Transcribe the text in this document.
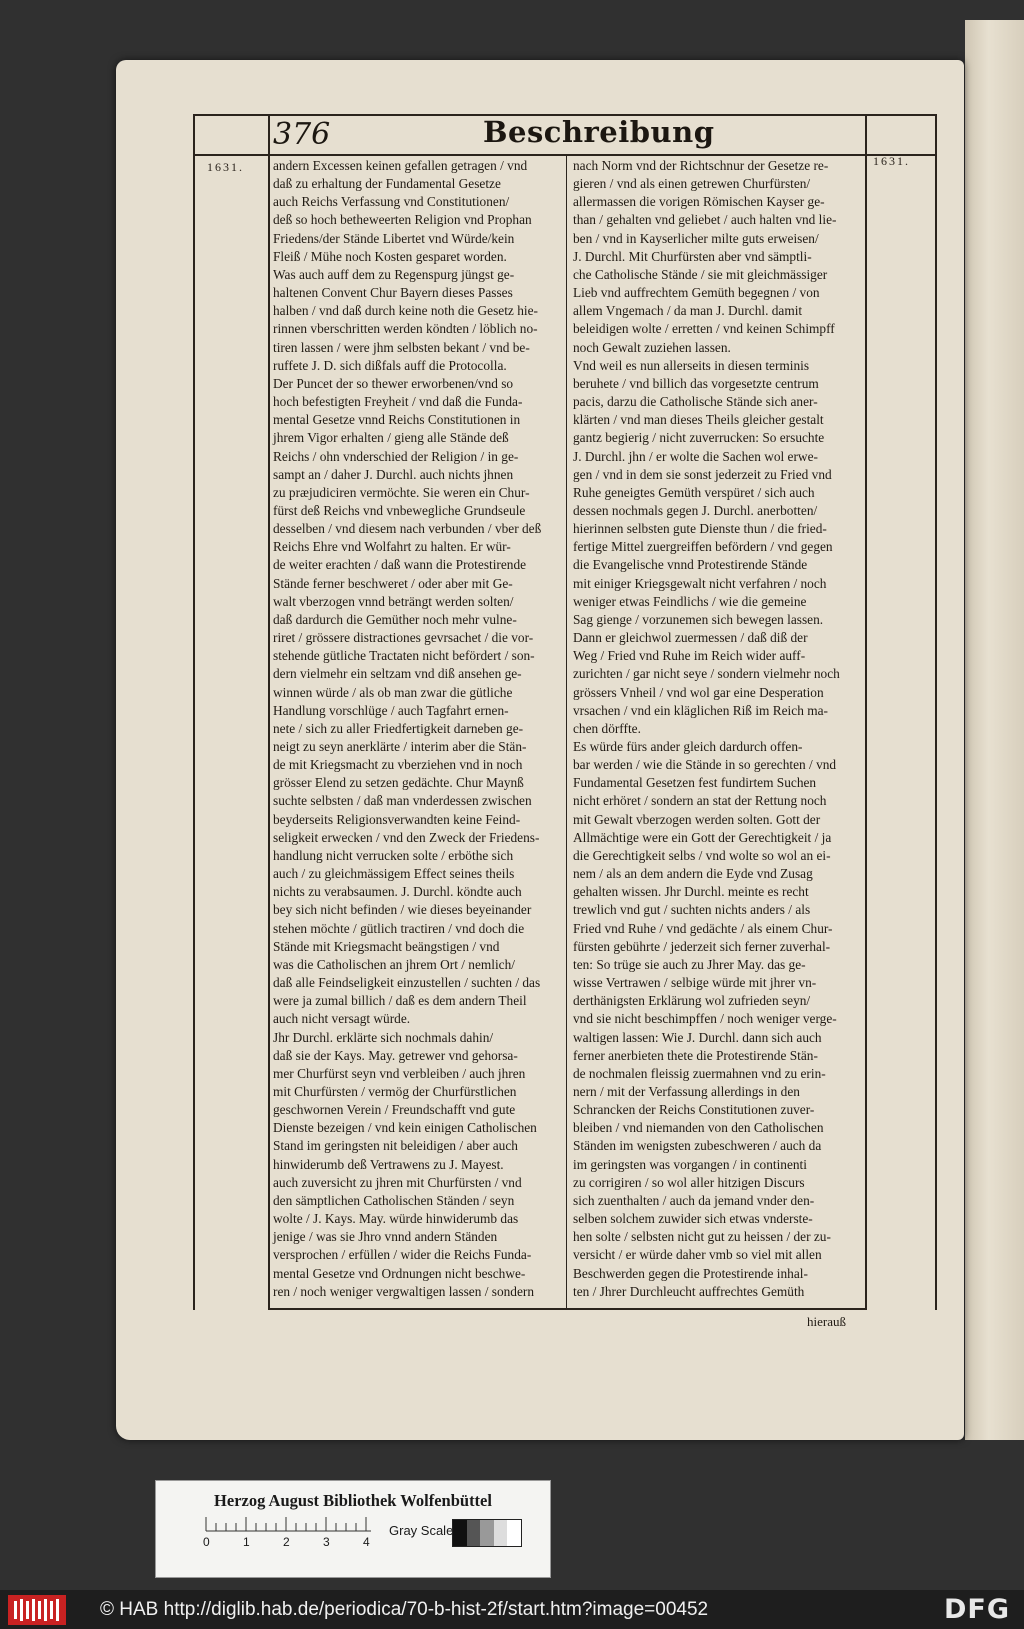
376	Beschreibung
1631.	1631.
andern Excessen keinen gefallen getragen / vnd
daß zu erhaltung der Fundamental Gesetze
auch Reichs Verfassung vnd Constitutionen/
deß so hoch betheweerten Religion vnd Prophan
Friedens/der Stände Libertet vnd Würde/kein
Fleiß / Mühe noch Kosten gesparet worden.
Was auch auff dem zu Regenspurg jüngst ge-
haltenen Convent Chur Bayern dieses Passes
halben / vnd daß durch keine noth die Gesetz hie-
rinnen vberschritten werden köndten / löblich no-
tiren lassen / were jhm selbsten bekant / vnd be-
ruffete J. D. sich dißfals auff die Protocolla.
Der Puncet der so thewer erworbenen/vnd so
hoch befestigten Freyheit / vnd daß die Funda-
mental Gesetze vnnd Reichs Constitutionen in
jhrem Vigor erhalten / gieng alle Stände deß
Reichs / ohn vnderschied der Religion / in ge-
sampt an / daher J. Durchl. auch nichts jhnen
zu præjudiciren vermöchte. Sie weren ein Chur-
fürst deß Reichs vnd vnbewegliche Grundseule
desselben / vnd diesem nach verbunden / vber deß
Reichs Ehre vnd Wolfahrt zu halten. Er wür-
de weiter erachten / daß wann die Protestirende
Stände ferner beschweret / oder aber mit Ge-
walt vberzogen vnnd beträngt werden solten/
daß dardurch die Gemüther noch mehr vulne-
riret / grössere distractiones gevrsachet / die vor-
stehende gütliche Tractaten nicht befördert / son-
dern vielmehr ein seltzam vnd diß ansehen ge-
winnen würde / als ob man zwar die gütliche
Handlung vorschlüge / auch Tagfahrt ernen-
nete / sich zu aller Friedfertigkeit darneben ge-
neigt zu seyn anerklärte / interim aber die Stän-
de mit Kriegsmacht zu vberziehen vnd in noch
grösser Elend zu setzen gedächte. Chur Maynß
suchte selbsten / daß man vnderdessen zwischen
beyderseits Religionsverwandten keine Feind-
seligkeit erwecken / vnd den Zweck der Friedens-
handlung nicht verrucken solte / erböthe sich
auch / zu gleichmässigem Effect seines theils
nichts zu verabsaumen. J. Durchl. köndte auch
bey sich nicht befinden / wie dieses beyeinander
stehen möchte / gütlich tractiren / vnd doch die
Stände mit Kriegsmacht beängstigen / vnd
was die Catholischen an jhrem Ort / nemlich/
daß alle Feindseligkeit einzustellen / suchten / das
were ja zumal billich / daß es dem andern Theil
auch nicht versagt würde.
Jhr Durchl. erklärte sich nochmals dahin/
daß sie der Kays. May. getrewer vnd gehorsa-
mer Churfürst seyn vnd verbleiben / auch jhren
mit Churfürsten / vermög der Churfürstlichen
geschwornen Verein / Freundschafft vnd gute
Dienste bezeigen / vnd kein einigen Catholischen
Stand im geringsten nit beleidigen / aber auch
hinwiderumb deß Vertrawens zu J. Mayest.
auch zuversicht zu jhren mit Churfürsten / vnd
den sämptlichen Catholischen Ständen / seyn
wolte / J. Kays. May. würde hinwiderumb das
jenige / was sie Jhro vnnd andern Ständen
versprochen / erfüllen / wider die Reichs Funda-
mental Gesetze vnd Ordnungen nicht beschwe-
ren / noch weniger vergwaltigen lassen / sondern
nach Norm vnd der Richtschnur der Gesetze re-
gieren / vnd als einen getrewen Churfürsten/
allermassen die vorigen Römischen Kayser ge-
than / gehalten vnd geliebet / auch halten vnd lie-
ben / vnd in Kayserlicher milte guts erweisen/
J. Durchl. Mit Churfürsten aber vnd sämptli-
che Catholische Stände / sie mit gleichmässiger
Lieb vnd auffrechtem Gemüth begegnen / von
allem Vngemach / da man J. Durchl. damit
beleidigen wolte / erretten / vnd keinen Schimpff
noch Gewalt zuziehen lassen.
Vnd weil es nun allerseits in diesen terminis
beruhete / vnd billich das vorgesetzte centrum
pacis, darzu die Catholische Stände sich aner-
klärten / vnd man dieses Theils gleicher gestalt
gantz begierig / nicht zuverrucken: So ersuchte
J. Durchl. jhn / er wolte die Sachen wol erwe-
gen / vnd in dem sie sonst jederzeit zu Fried vnd
Ruhe geneigtes Gemüth verspüret / sich auch
dessen nochmals gegen J. Durchl. anerbotten/
hierinnen selbsten gute Dienste thun / die fried-
fertige Mittel zuergreiffen befördern / vnd gegen
die Evangelische vnnd Protestirende Stände
mit einiger Kriegsgewalt nicht verfahren / noch
weniger etwas Feindlichs / wie die gemeine
Sag gienge / vorzunemen sich bewegen lassen.
Dann er gleichwol zuermessen / daß diß der
Weg / Fried vnd Ruhe im Reich wider auff-
zurichten / gar nicht seye / sondern vielmehr noch
grössers Vnheil / vnd wol gar eine Desperation
vrsachen / vnd ein kläglichen Riß im Reich ma-
chen dörffte.
Es würde fürs ander gleich dardurch offen-
bar werden / wie die Stände in so gerechten / vnd
Fundamental Gesetzen fest fundirtem Suchen
nicht erhöret / sondern an stat der Rettung noch
mit Gewalt vberzogen werden solten. Gott der
Allmächtige were ein Gott der Gerechtigkeit / ja
die Gerechtigkeit selbs / vnd wolte so wol an ei-
nem / als an dem andern die Eyde vnd Zusag
gehalten wissen. Jhr Durchl. meinte es recht
trewlich vnd gut / suchten nichts anders / als
Fried vnd Ruhe / vnd gedächte / als einem Chur-
fürsten gebührte / jederzeit sich ferner zuverhal-
ten: So trüge sie auch zu Jhrer May. das ge-
wisse Vertrawen / selbige würde mit jhrer vn-
derthänigsten Erklärung wol zufrieden seyn/
vnd sie nicht beschimpffen / noch weniger verge-
waltigen lassen: Wie J. Durchl. dann sich auch
ferner anerbieten thete die Protestirende Stän-
de nochmalen fleissig zuermahnen vnd zu erin-
nern / mit der Verfassung allerdings in den
Schrancken der Reichs Constitutionen zuver-
bleiben / vnd niemanden von den Catholischen
Ständen im wenigsten zubeschweren / auch da
im geringsten was vorgangen / in continenti
zu corrigiren / so wol aller hitzigen Discurs
sich zuenthalten / auch da jemand vnder den-
selben solchem zuwider sich etwas vnderste-
hen solte / selbsten nicht gut zu heissen / der zu-
versicht / er würde daher vmb so viel mit allen
Beschwerden gegen die Protestirende inhal-
ten / Jhrer Durchleucht auffrechtes Gemüth
hierauß
Herzog August Bibliothek Wolfenbüttel
0	1	2	3	4
Gray Scale
© HAB http://diglib.hab.de/periodica/70-b-hist-2f/start.htm?image=00452	DFG
